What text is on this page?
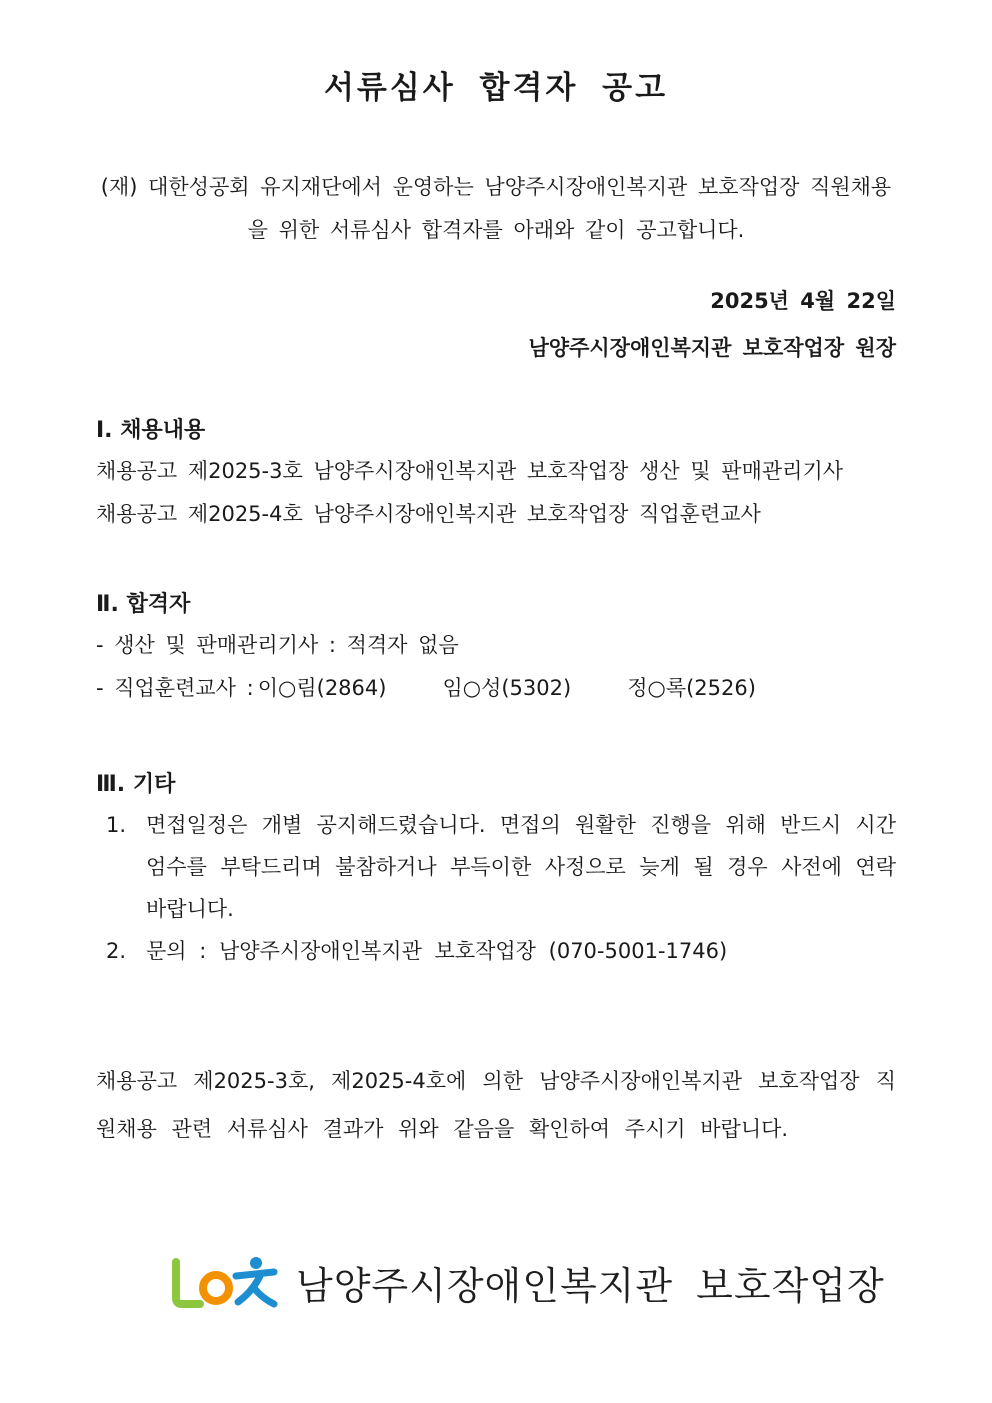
서류심사 합격자 공고
(재) 대한성공회 유지재단에서 운영하는 남양주시장애인복지관 보호작업장 직원채용을 위한 서류심사 합격자를 아래와 같이 공고합니다.
2025년 4월 22일
남양주시장애인복지관 보호작업장 원장
Ⅰ. 채용내용
채용공고 제2025-3호 남양주시장애인복지관 보호작업장 생산 및 판매관리기사
채용공고 제2025-4호 남양주시장애인복지관 보호작업장 직업훈련교사
Ⅱ. 합격자
- 생산 및 판매관리기사 : 적격자 없음
- 직업훈련교사 : 이○림(2864)	임○성(5302)	정○록(2526)
Ⅲ. 기타
1. 면접일정은 개별 공지해드렸습니다. 면접의 원활한 진행을 위해 반드시 시간엄수를 부탁드리며 불참하거나 부득이한 사정으로 늦게 될 경우 사전에 연락바랍니다.
2. 문의 : 남양주시장애인복지관 보호작업장 (070-5001-1746)
채용공고 제2025-3호, 제2025-4호에 의한 남양주시장애인복지관 보호작업장 직원채용 관련 서류심사 결과가 위와 같음을 확인하여 주시기 바랍니다.
남양주시장애인복지관 보호작업장
